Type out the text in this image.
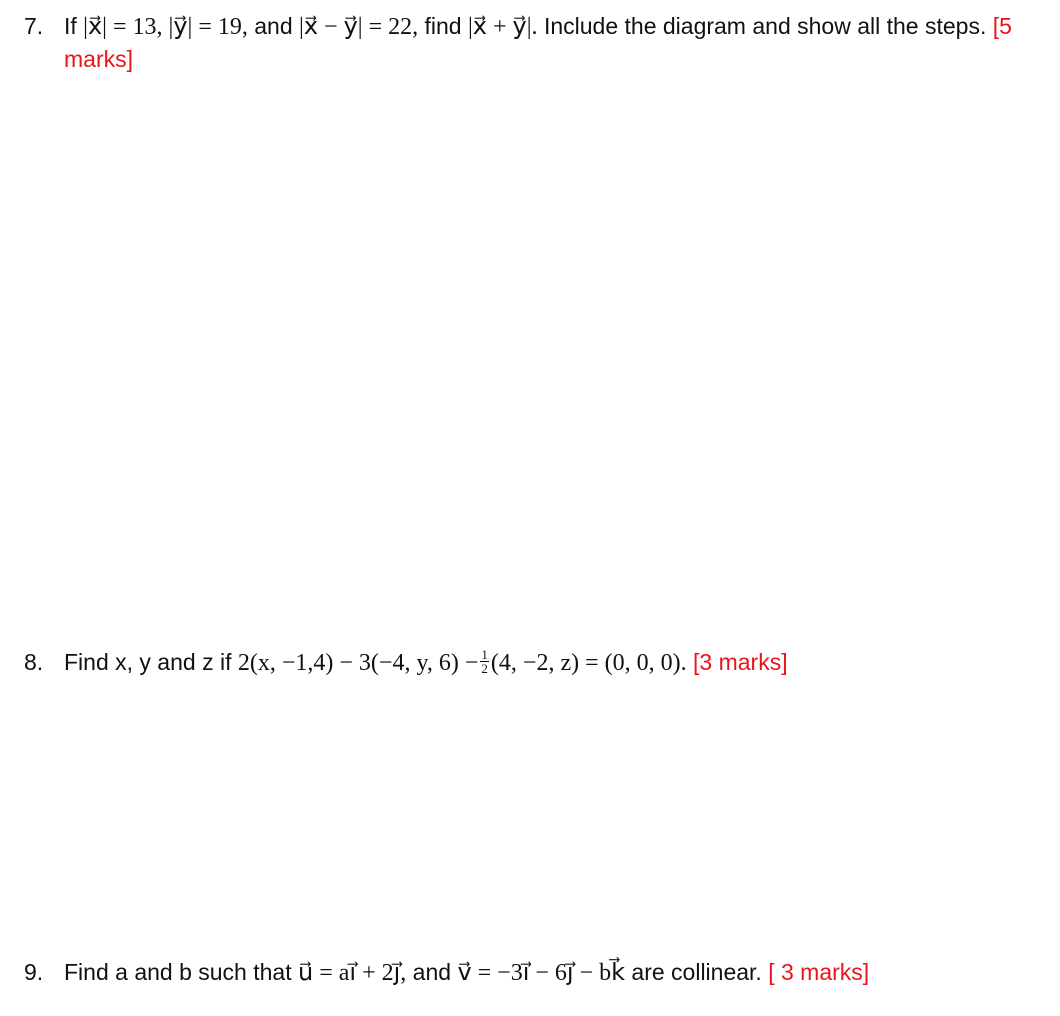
7. If |x⃗| = 13, |y⃗| = 19, and |x⃗ − y⃗| = 22, find |x⃗ + y⃗|. Include the diagram and show all the steps. [5 marks]
8. Find x, y and z if 2(x, −1,4) − 3(−4, y, $6) - \frac{1}{2} (4$, −2, z) = (0, 0, 0). [3 marks]
9. Find a and b such that u⃗ = ai⃗ + 2j⃗, and v⃗ = −3i⃗ − 6j⃗ − bk⃗ are collinear. [ 3 marks]
